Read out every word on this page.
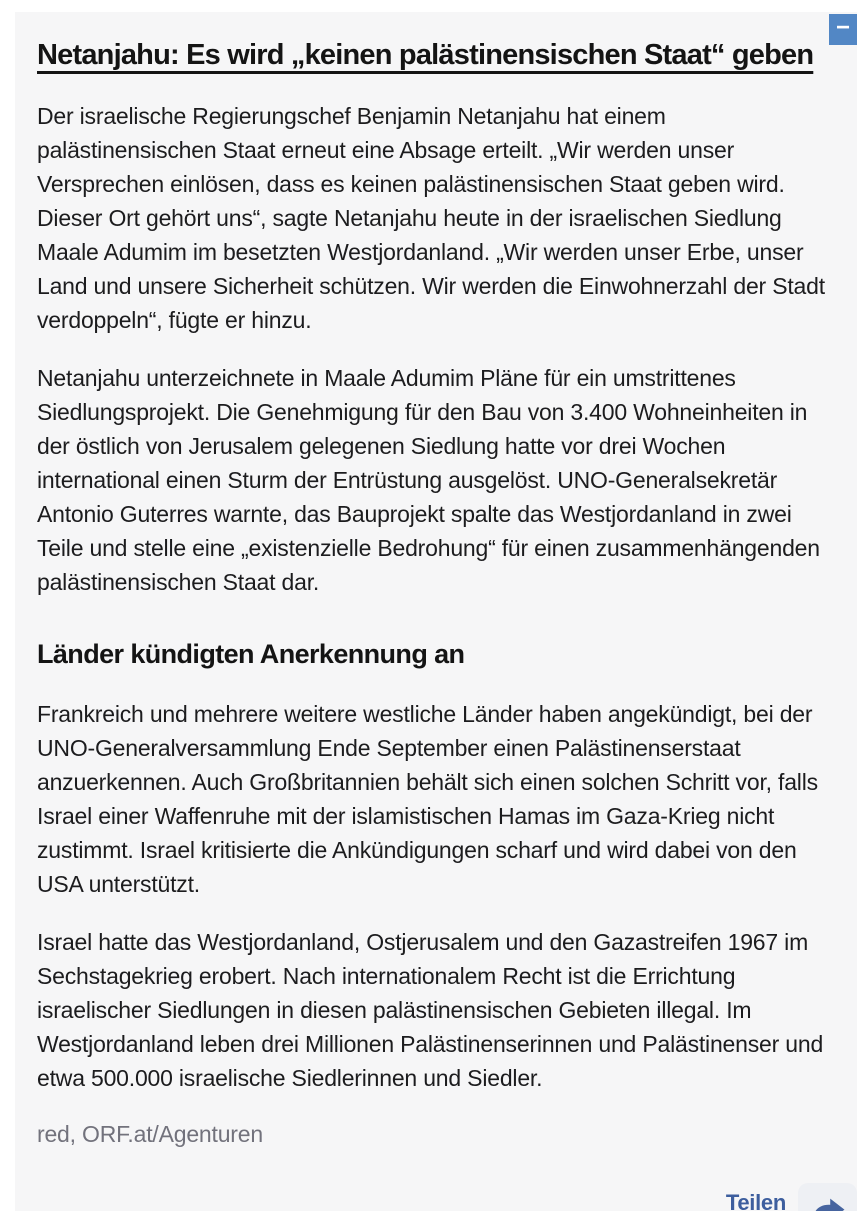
−
Netanjahu: Es wird „keinen palästinensischen Staat“ geben

Der israelische Regierungschef Benjamin Netanjahu hat einem palästinensischen Staat erneut eine Absage erteilt. „Wir werden unser Versprechen einlösen, dass es keinen palästinensischen Staat geben wird. Dieser Ort gehört uns“, sagte Netanjahu heute in der israelischen Siedlung Maale Adumim im besetzten Westjordanland. „Wir werden unser Erbe, unser Land und unsere Sicherheit schützen. Wir werden die Einwohnerzahl der Stadt verdoppeln“, fügte er hinzu.

Netanjahu unterzeichnete in Maale Adumim Pläne für ein umstrittenes Siedlungsprojekt. Die Genehmigung für den Bau von 3.400 Wohneinheiten in der östlich von Jerusalem gelegenen Siedlung hatte vor drei Wochen international einen Sturm der Entrüstung ausgelöst. UNO-Generalsekretär Antonio Guterres warnte, das Bauprojekt spalte das Westjordanland in zwei Teile und stelle eine „existenzielle Bedrohung“ für einen zusammenhängenden palästinensischen Staat dar.

Länder kündigten Anerkennung an

Frankreich und mehrere weitere westliche Länder haben angekündigt, bei der UNO-Generalversammlung Ende September einen Palästinenserstaat anzuerkennen. Auch Großbritannien behält sich einen solchen Schritt vor, falls Israel einer Waffenruhe mit der islamistischen Hamas im Gaza-Krieg nicht zustimmt. Israel kritisierte die Ankündigungen scharf und wird dabei von den USA unterstützt.

Israel hatte das Westjordanland, Ostjerusalem und den Gazastreifen 1967 im Sechstagekrieg erobert. Nach internationalem Recht ist die Errichtung israelischer Siedlungen in diesen palästinensischen Gebieten illegal. Im Westjordanland leben drei Millionen Palästinenserinnen und Palästinenser und etwa 500.000 israelische Siedlerinnen und Siedler.

red, ORF.at/Agenturen
Teilen
